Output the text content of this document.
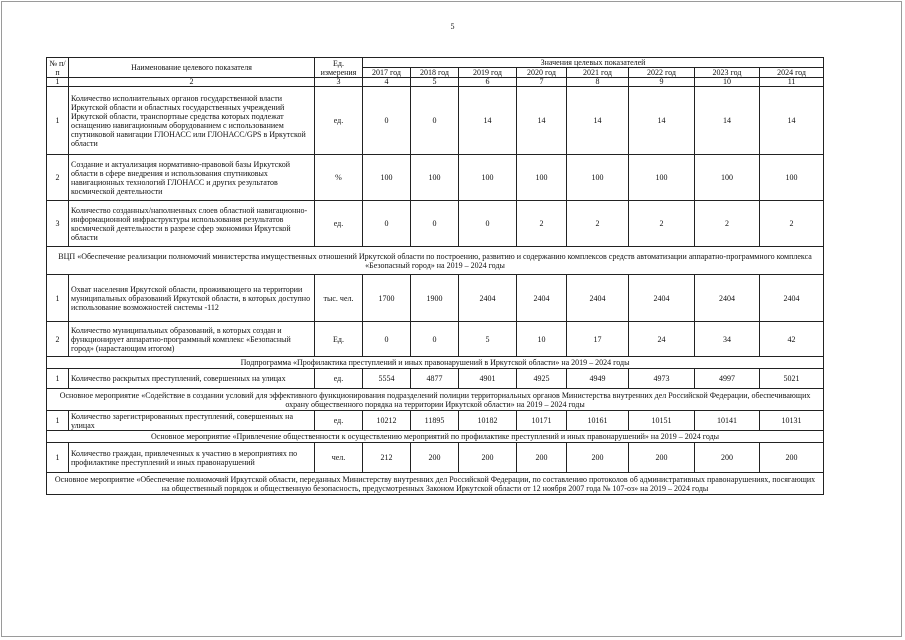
5
№ п/п	Наименование целевого показателя	Ед. измерения	Значения целевых показателей							
			2017 год	2018 год	2019 год	2020 год	2021 год	2022 год	2023 год	2024 год
1	2	3	4	5	6	7	8	9	10	11
1	Количество исполнительных органов государственной власти Иркутской области и областных государственных учреждений Иркутской области, транспортные средства которых подлежат оснащению навигационным оборудованием с использованием спутниковой навигации ГЛОНАСС или ГЛОНАСС/GPS в Иркутской области	ед.	0	0	14	14	14	14	14	14
2	Создание и актуализация нормативно-правовой базы Иркутской области в сфере внедрения и использования спутниковых навигационных технологий ГЛОНАСС и других результатов космической деятельности	%	100	100	100	100	100	100	100	100
3	Количество созданных/наполненных слоев областной навигационно-информационной инфраструктуры использования результатов космической деятельности в разрезе сфер экономики Иркутской области	ед.	0	0	0	2	2	2	2	2
ВЦП «Обеспечение реализации полномочий министерства имущественных отношений Иркутской области по построению, развитию и содержанию комплексов средств автоматизации аппаратно-программного комплекса «Безопасный город» на 2019 – 2024 годы										
1	Охват населения Иркутской области, проживающего на территории муниципальных образований Иркутской области, в которых доступно использование возможностей системы -112	тыс. чел.	1700	1900	2404	2404	2404	2404	2404	2404
2	Количество муниципальных образований, в которых создан и функционирует аппаратно-программный комплекс «Безопасный город» (нарастающим итогом)	Ед.	0	0	5	10	17	24	34	42
Подпрограмма «Профилактика преступлений и иных правонарушений в Иркутской области» на 2019 – 2024 годы										
1	Количество раскрытых преступлений, совершенных на улицах	ед.	5554	4877	4901	4925	4949	4973	4997	5021
Основное мероприятие «Содействие в создании условий для эффективного функционирования подразделений полиции территориальных органов Министерства внутренних дел Российской Федерации, обеспечивающих охрану общественного порядка на территории Иркутской области» на 2019 – 2024 годы										
1	Количество зарегистрированных преступлений, совершенных на улицах	ед.	10212	11895	10182	10171	10161	10151	10141	10131
Основное мероприятие «Привлечение общественности к осуществлению мероприятий по профилактике преступлений и иных правонарушений» на 2019 – 2024 годы										
1	Количество граждан, привлеченных к участию в мероприятиях по профилактике преступлений и иных правонарушений	чел.	212	200	200	200	200	200	200	200
Основное мероприятие «Обеспечение полномочий Иркутской области, переданных Министерству внутренних дел Российской Федерации, по составлению протоколов об административных правонарушениях, посягающих на общественный порядок и общественную безопасность, предусмотренных Законом Иркутской области от 12 ноября 2007 года № 107-оз» на 2019 – 2024 годы										
